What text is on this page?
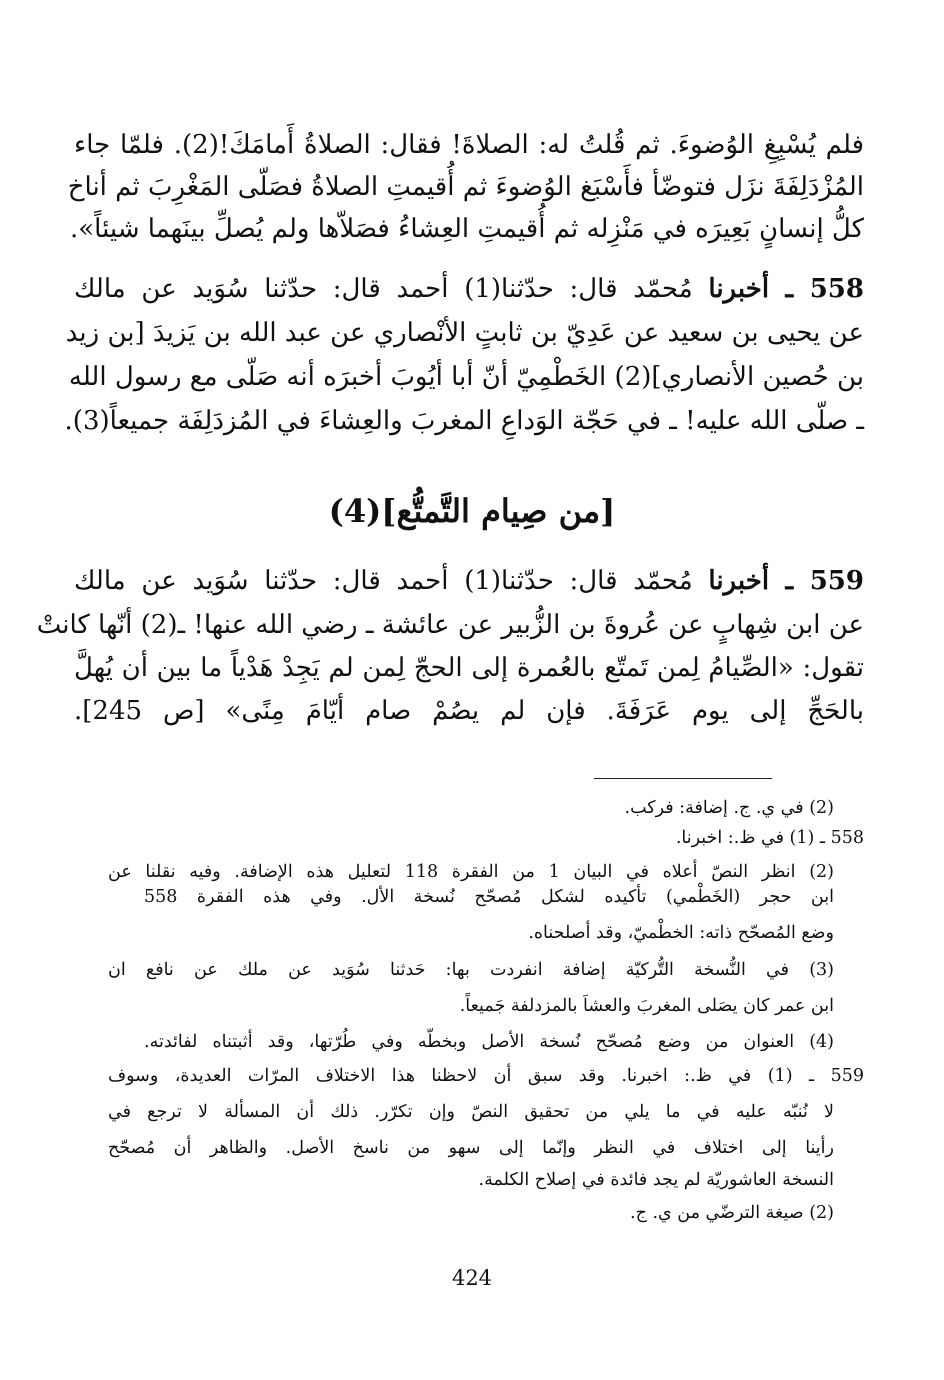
فلم يُسْبِغِ الوُضوءَ. ثم قُلتُ له: الصلاةَ! فقال: الصلاةُ أَمامَكَ!(2). فلمّا جاء
المُزْدَلِفَةَ نزَل فتوضّأ فأَسْبَغ الوُضوءَ ثم أُقيمتِ الصلاةُ فصَلّى المَغْرِبَ ثم أناخ
كلُّ إنسانٍ بَعِيرَه في مَنْزِله ثم أُقيمتِ العِشاءُ فصَلاّها ولم يُصلِّ بينَهما شيئاً».
558 ـ أخبرنا مُحمّد قال: حدّثنا(1) أحمد قال: حدّثنا سُوَيد عن مالك
عن يحيى بن سعيد عن عَدِيّ بن ثابتٍ الأنْصاري عن عبد الله بن يَزيدَ [بن زيد
بن حُصين الأنصاري](2) الخَطْمِيّ أنّ أبا أيُوبَ أخبرَه أنه صَلّى مع رسول الله
ـ صلّى الله عليه! ـ في حَجّة الوَداعِ المغربَ والعِشاءَ في المُزدَلِفَة جميعاً(3).
[من صِيام التَّمتُّع](4)
559 ـ أخبرنا مُحمّد قال: حدّثنا(1) أحمد قال: حدّثنا سُوَيد عن مالك
عن ابن شِهابٍ عن عُروةَ بن الزُّبير عن عائشة ـ رضي الله عنها! ـ(2) أنّها كانتْ
تقول: «الصِّيامُ لِمن تَمتّع بالعُمرة إلى الحجّ لِمن لم يَجِدْ هَدْياً ما بين أن يُهلَّ
بالحَجِّ إلى يوم عَرَفَةَ. فإن لم يصُمْ صام أيّامَ مِنًى» [ص 245].
(2) في ي. ج. إضافة: فركب.
558 ـ (1) في ظ.: اخبرنا.
(2) انظر النصّ أعلاه في البيان 1 من الفقرة 118 لتعليل هذه الإضافة. وفيه نقلنا عن
ابن حجر (الخَطْمي) تأكيده لشكل مُصحّح نُسخة الأل. وفي هذه الفقرة 558
وضع المُصحّح ذاته: الخطْميّ، وقد أصلحناه.
(3) في النُّسخة التُّركيّة إضافة انفردت بها: حَدثنا سُوَيد عن ملك عن نافع ان
ابن عمر كان يصَلى المغربَ والعشاَ بالمزدلفة جَميعاً.
(4) العنوان من وضع مُصحّح نُسخة الأصل وبخطّه وفي طُرّتها، وقد أثبتناه لفائدته.
559 ـ (1) في ظ.: اخبرنا. وقد سبق أن لاحظنا هذا الاختلاف المرّات العديدة، وسوف
لا نُنبّه عليه في ما يلي من تحقيق النصّ وإن تكرّر. ذلك أن المسألة لا ترجع في
رأينا إلى اختلاف في النظر وإنّما إلى سهو من ناسخ الأصل. والظاهر أن مُصحّح
النسخة العاشوريّة لم يجد فائدة في إصلاح الكلمة.
(2) صيغة الترضّي من ي. ج.
424
